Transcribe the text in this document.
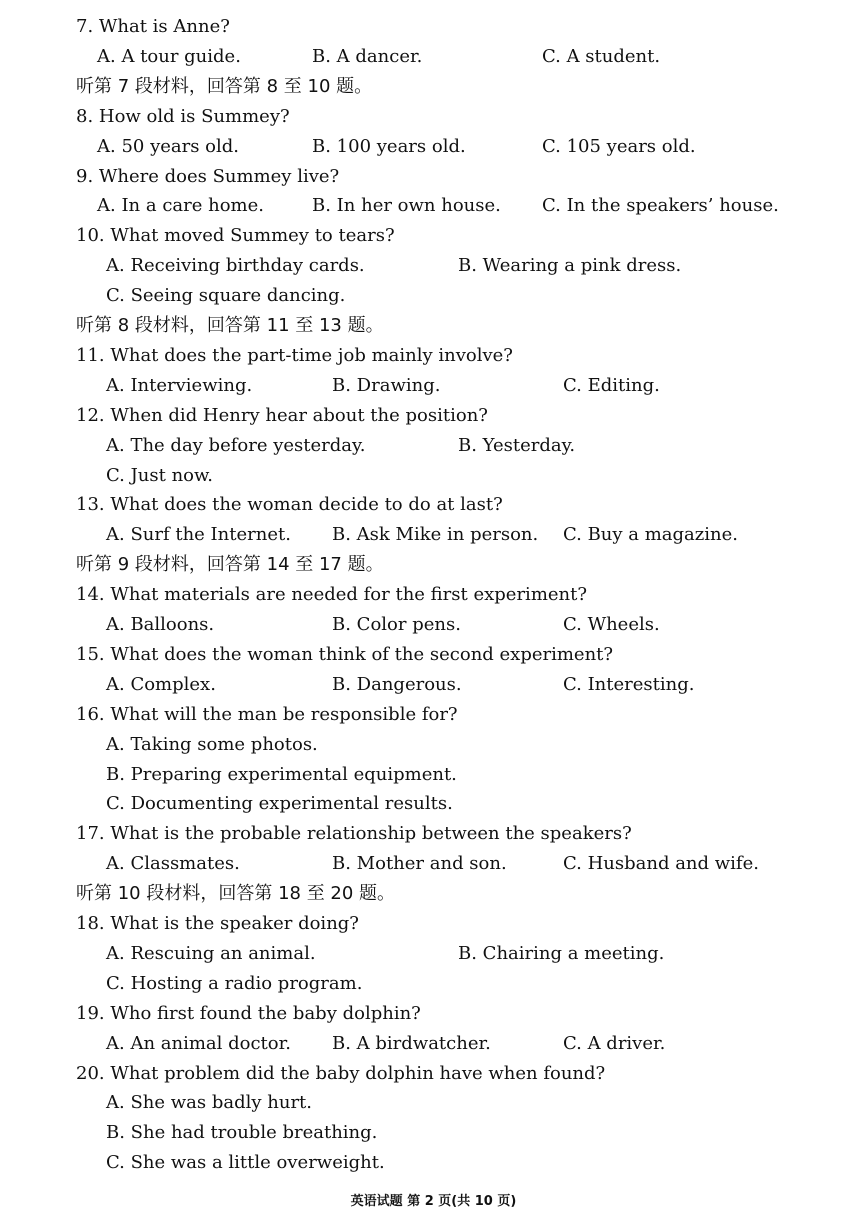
7. What is Anne?
A. A tour guide.	B. A dancer.	C. A student.
听第 7 段材料，回答第 8 至 10 题。
8. How old is Summey?
A. 50 years old.	B. 100 years old.	C. 105 years old.
9. Where does Summey live?
A. In a care home.	B. In her own house. C. In the speakers’ house.
10. What moved Summey to tears?
A. Receiving birthday cards.	B. Wearing a pink dress.
C. Seeing square dancing.
听第 8 段材料，回答第 11 至 13 题。
11. What does the part-time job mainly involve?
A. Interviewing.	B. Drawing.	C. Editing.
12. When did Henry hear about the position?
A. The day before yesterday.	B. Yesterday.
C. Just now.
13. What does the woman decide to do at last?
A. Surf the Internet. B. Ask Mike in person. C. Buy a magazine.
听第 9 段材料，回答第 14 至 17 题。
14. What materials are needed for the first experiment?
A. Balloons.	B. Color pens.	C. Wheels.
15. What does the woman think of the second experiment?
A. Complex.	B. Dangerous.	C. Interesting.
16. What will the man be responsible for?
A. Taking some photos.
B. Preparing experimental equipment.
C. Documenting experimental results.
17. What is the probable relationship between the speakers?
A. Classmates.	B. Mother and son.	C. Husband and wife.
听第 10 段材料，回答第 18 至 20 题。
18. What is the speaker doing?
A. Rescuing an animal.	B. Chairing a meeting.
C. Hosting a radio program.
19. Who first found the baby dolphin?
A. An animal doctor. B. A birdwatcher.	C. A driver.
20. What problem did the baby dolphin have when found?
A. She was badly hurt.
B. She had trouble breathing.
C. She was a little overweight.
英语试题 第 2 页(共 10 页)
